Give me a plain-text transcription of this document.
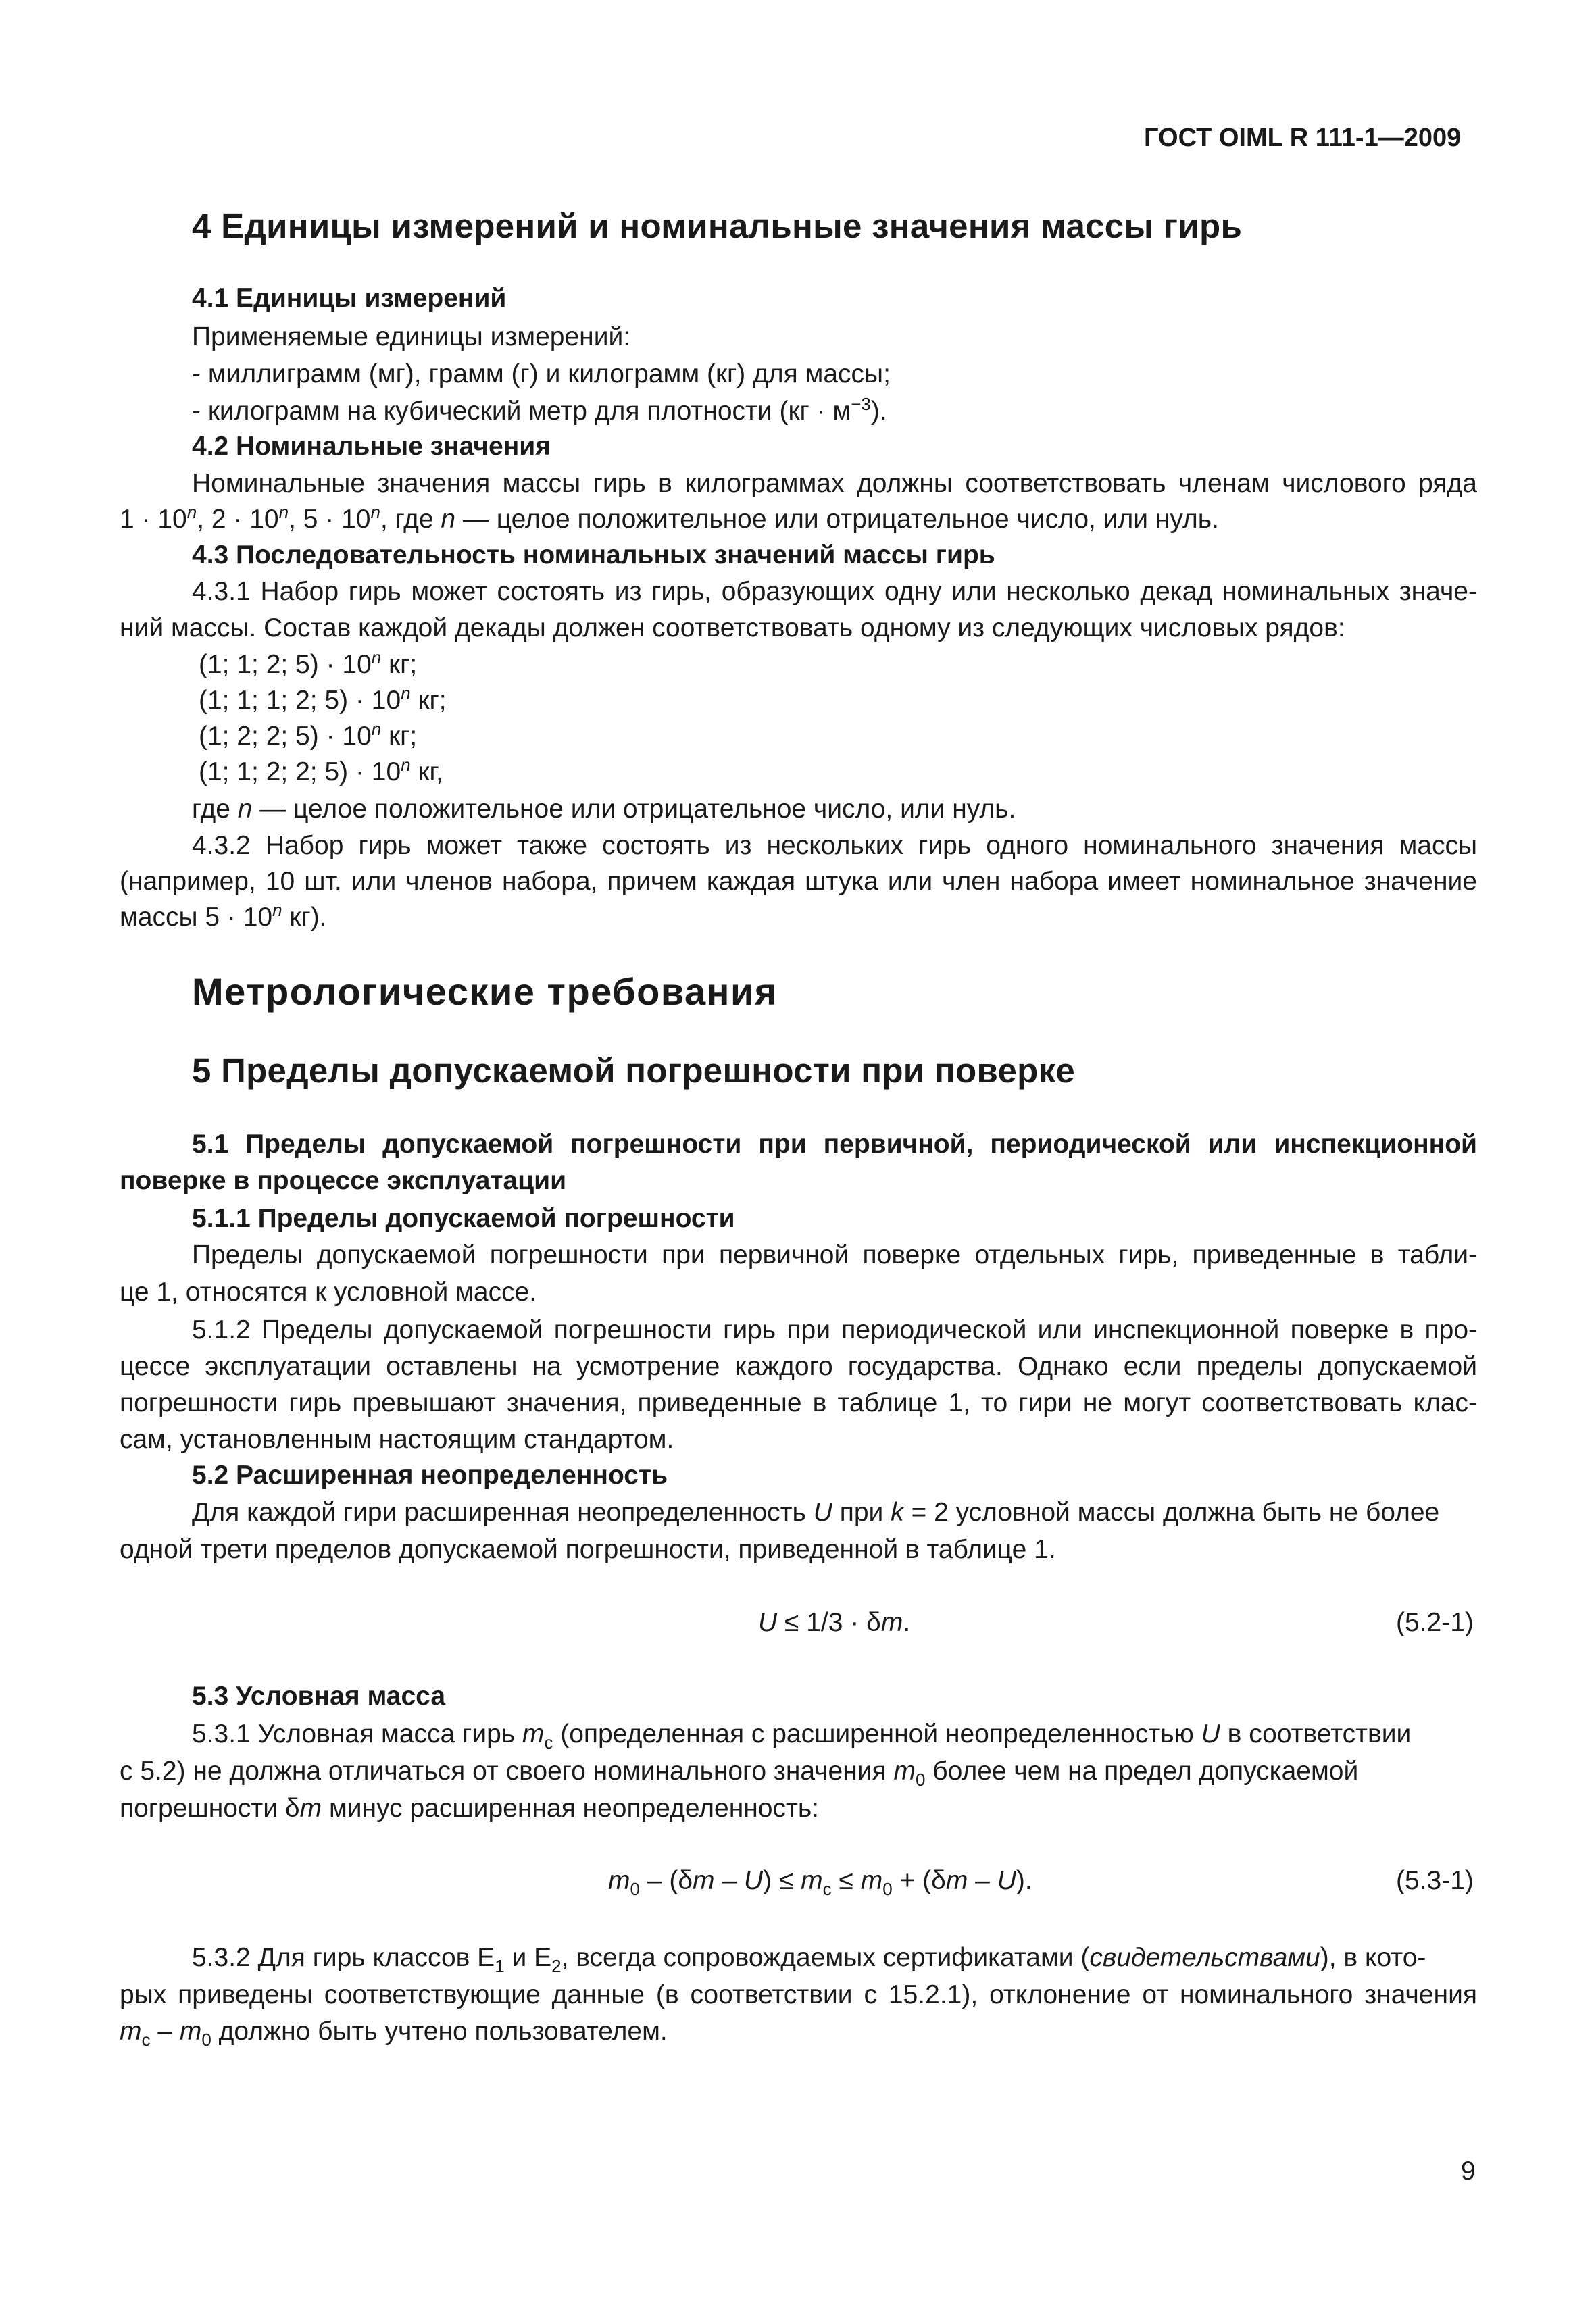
ГОСТ OIML R 111-1—2009
4 Единицы измерений и номинальные значения массы гирь
4.1 Единицы измерений
Применяемые единицы измерений:
- миллиграмм (мг), грамм (г) и килограмм (кг) для массы;
- килограмм на кубический метр для плотности $(кг \cdot м^{-3})$.
4.2 Номинальные значения
Номинальные значения массы гирь в килограммах должны соответствовать членам числового ряда
$1 \cdot 10^n$, $2 \cdot 10^n$, $5 \cdot 10^n$, где n — целое положительное или отрицательное число, или нуль.
4.3 Последовательность номинальных значений массы гирь
4.3.1 Набор гирь может состоять из гирь, образующих одну или несколько декад номинальных значе-
ний массы. Состав каждой декады должен соответствовать одному из следующих числовых рядов:
(1; 1; 2; $5) \cdot 10^n$ кг;
(1; 1; 1; 2; $5) \cdot 10^n$ кг;
(1; 2; 2; $5) \cdot 10^n$ кг;
(1; 1; 2; 2; $5) \cdot 10^n$ кг,
где n — целое положительное или отрицательное число, или нуль.
4.3.2 Набор гирь может также состоять из нескольких гирь одного номинального значения массы
(например, 10 шт. или членов набора, причем каждая штука или член набора имеет номинальное значение
массы $5 \cdot 10^n$ кг).
Метрологические требования
5 Пределы допускаемой погрешности при поверке
5.1 Пределы допускаемой погрешности при первичной, периодической или инспекционной
поверке в процессе эксплуатации
5.1.1 Пределы допускаемой погрешности
Пределы допускаемой погрешности при первичной поверке отдельных гирь, приведенные в табли-
це 1, относятся к условной массе.
5.1.2 Пределы допускаемой погрешности гирь при периодической или инспекционной поверке в про-
цессе эксплуатации оставлены на усмотрение каждого государства. Однако если пределы допускаемой
погрешности гирь превышают значения, приведенные в таблице 1, то гири не могут соответствовать клас-
сам, установленным настоящим стандартом.
5.2 Расширенная неопределенность
Для каждой гири расширенная неопределенность U при k = 2 условной массы должна быть не более
одной трети пределов допускаемой погрешности, приведенной в таблице 1.
U ≤ 1/3 · δm.	(5.2-1)
5.3 Условная масса
5.3.1 Условная масса гирь $m_c$ (определенная с расширенной неопределенностью U в соответствии
с 5.2) не должна отличаться от своего номинального значения $m_0$ более чем на предел допускаемой
погрешности δm минус расширенная неопределенность:
$m_0 - (\delta m - U) \le m_c \le m_0 + (\delta m - U)$.	(5.3-1)
5.3.2 Для гирь классов $E_1$ и $E_2$, всегда сопровождаемых сертификатами (свидетельствами), в кото-
рых приведены соответствующие данные (в соответствии с 15.2.1), отклонение от номинального значения
$m_c - m_0$ должно быть учтено пользователем.
9
